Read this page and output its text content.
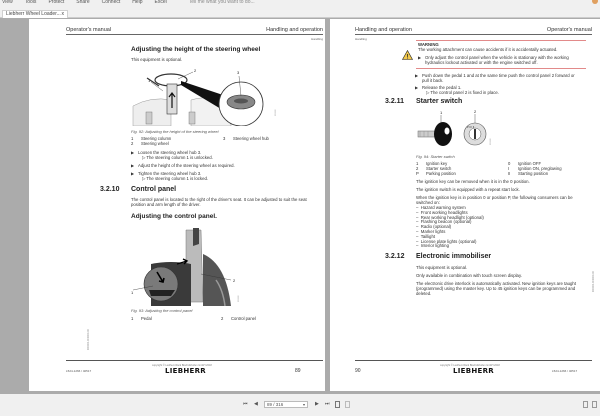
View Tools Protect Share Connect Help Excel	Tell me what you want to do...
Liebherr Wheel Loader... x
Operator's manual	Handling and operation
Handling
Adjusting the height of the steering wheel
This equipment is optional.
2
1
3
000000
Fig. 92: Adjusting the height of the steering wheel
1	Steering column	3	Steering wheel hub
2	Steering wheel
▶ Loosen the steering wheel hub 3.
▷ The steering column 1 is unlocked.
▶ Adjust the height of the steering wheel as required.
▶ Tighten the steering wheel hub 3.
▷ The steering column 1 is locked.
3.2.10 Control panel
The control panel is located to the right of the driver's seat. It can be adjusted to suit the seat position and arm length of the driver.
Adjusting the control panel.
1
2
000000
Fig. 93: Adjusting the control panel
1	Pedal	2	Control panel
000000-000000-00
L524-1266 / 40517
copyright © Liebherr-Werk Bischofshofen GmbH 2018
LIEBHERR	89
Handling and operation	Operator's manual
Handling
!
WARNING
The working attachment can cause accidents if it is accidentally actuated.
▶ Only adjust the control panel when the vehicle is stationary with the working hydraulics lockout activated or with the engine switched off.
▶ Push down the pedal 1 and at the same time push the control panel 2 forward or pull it back.
▶ Release the pedal 1.
▷ The control panel 2 is fixed in place.
3.2.11 Starter switch
1	2
P 0 I II
000000
Fig. 94: Starter switch
1	Ignition key	0	Ignition OFF
2	Starter switch	I	Ignition ON, preglowing
P	Parking position	II	Starting position
The ignition key can be removed when it is in the 0 position.
The ignition switch is equipped with a repeat start lock.
When the ignition key is in position 0 or position P, the following consumers can be switched on:
–  Hazard warning system
–  Front working headlights
–  Rear working headlight (optional)
–  Flashing beacon (optional)
–  Radio (optional)
–  Marker lights
–  Taillight
–  License plate lights (optional)
–  Interior lighting
3.2.12 Electronic immobiliser
This equipment is optional.
Only available in combination with touch screen display.
The electronic drive interlock is automatically activated. New ignition keys are taught (programmed) using the master key. Up to 45 ignition keys can be programmed and deleted.
000000-000000-00
90
copyright © Liebherr-Werk Bischofshofen GmbH 2018
LIEBHERR	L524-1266 / 40517
⏮ ◀	89 / 316	▾ ▶ ⏭
